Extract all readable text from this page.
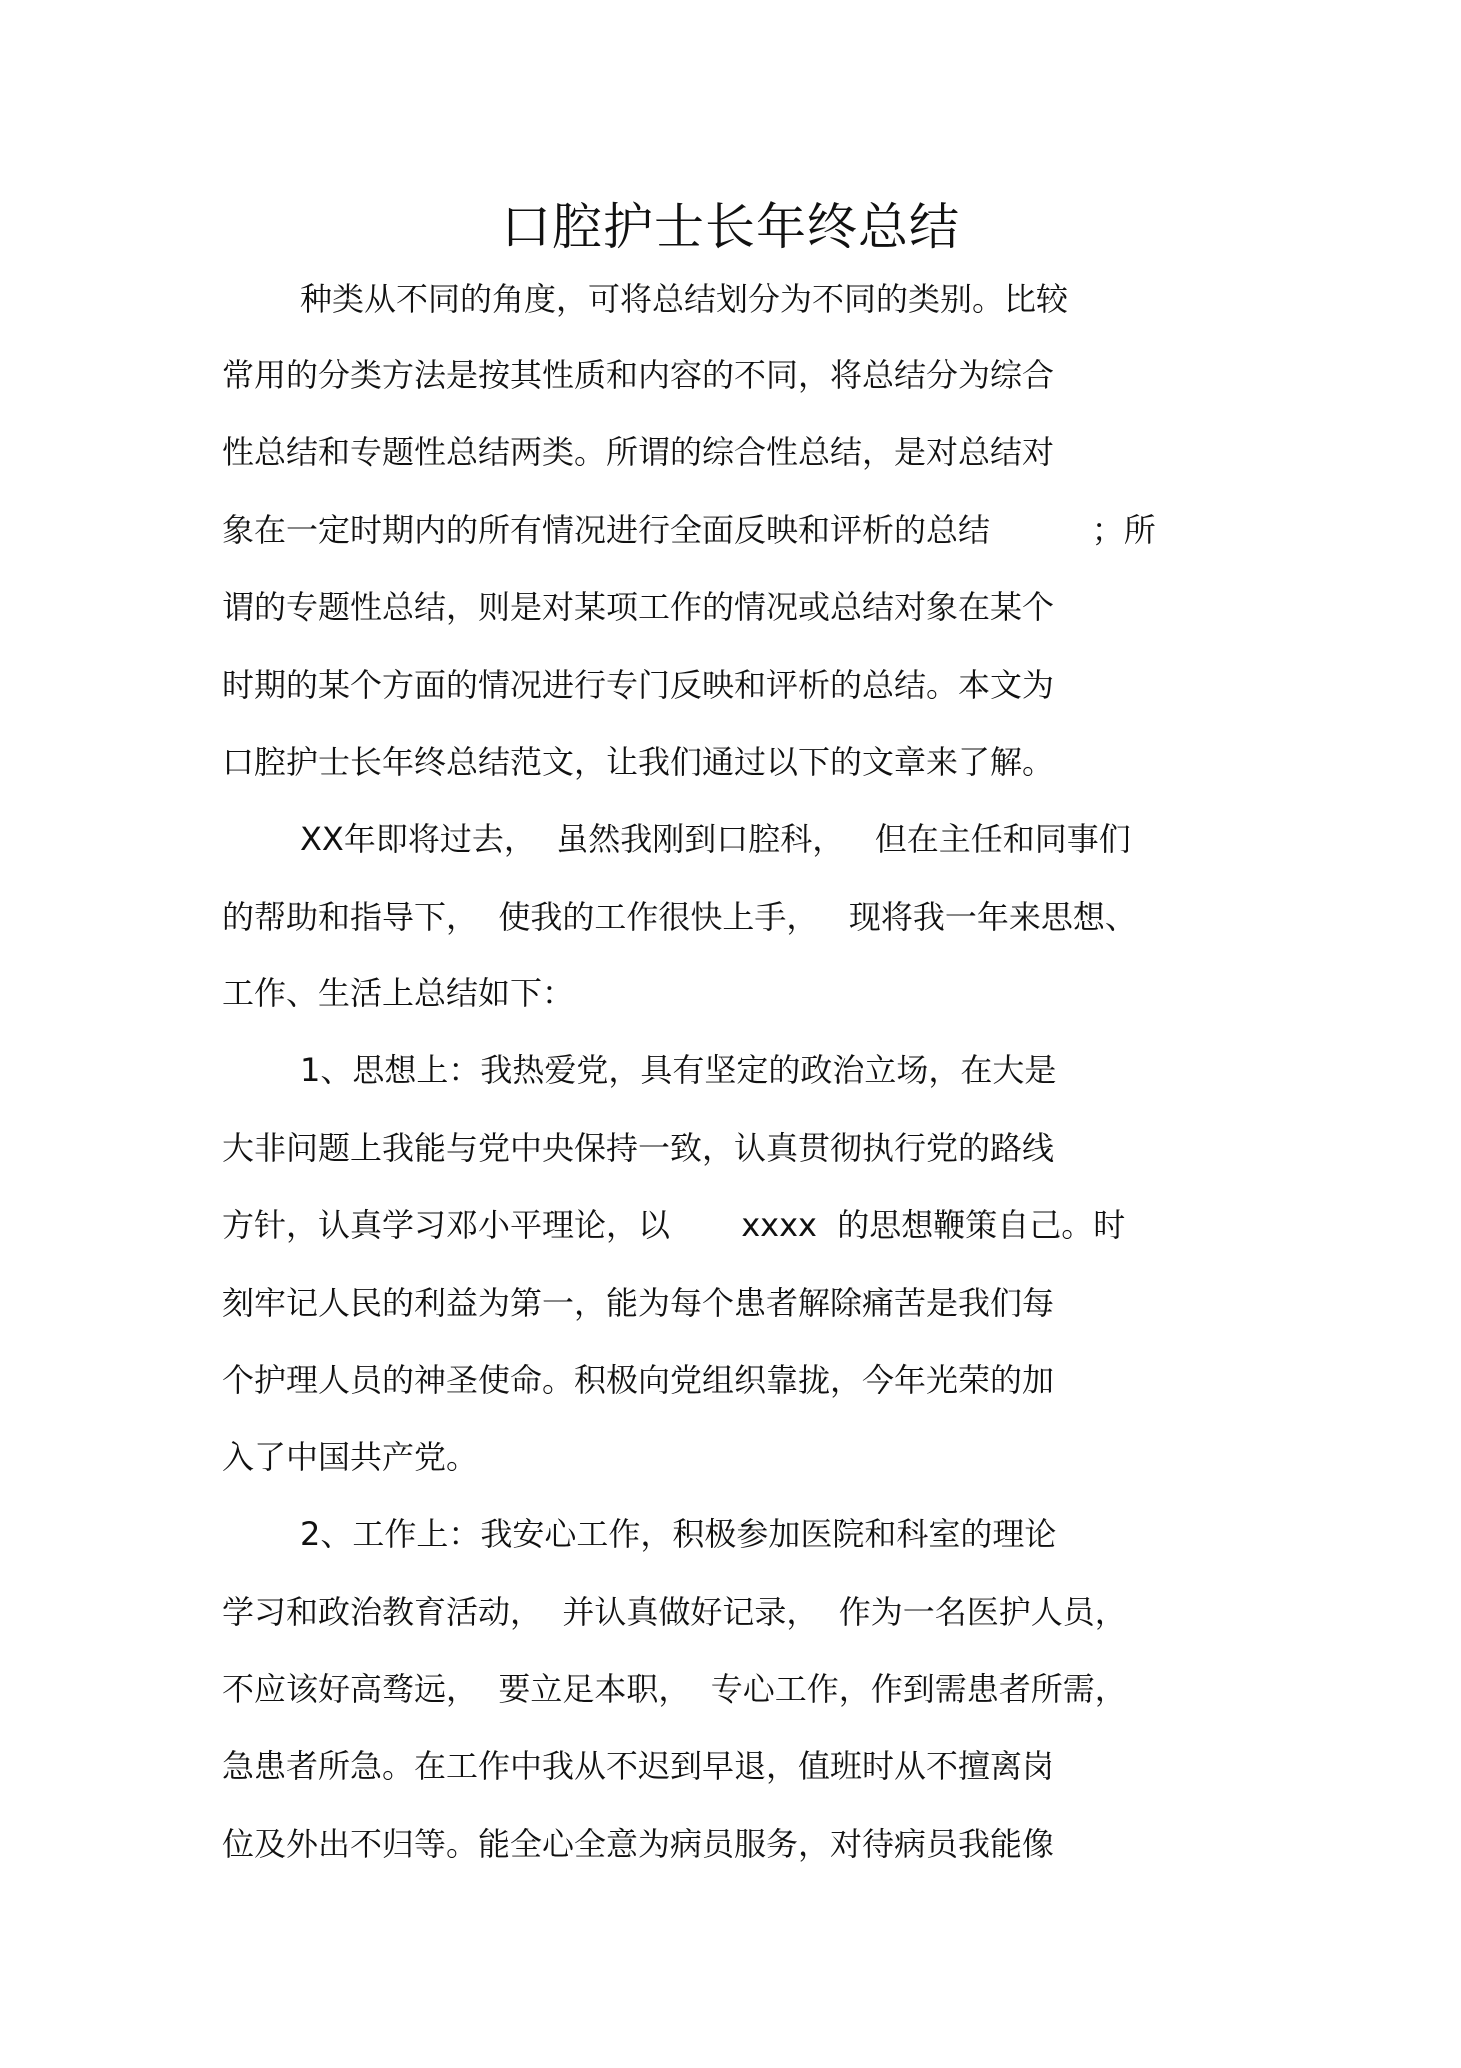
口腔护士长年终总结

种类从不同的角度，可将总结划分为不同的类别。比较

常用的分类方法是按其性质和内容的不同，将总结分为综合

性总结和专题性总结两类。所谓的综合性总结，是对总结对

象在一定时期内的所有情况进行全面反映和评析的总结          ；所

谓的专题性总结，则是对某项工作的情况或总结对象在某个

时期的某个方面的情况进行专门反映和评析的总结。本文为

口腔护士长年终总结范文，让我们通过以下的文章来了解。

XX年即将过去，  虽然我刚到口腔科，   但在主任和同事们

的帮助和指导下，  使我的工作很快上手，   现将我一年来思想、

工作、生活上总结如下：

1、思想上：我热爱党，具有坚定的政治立场，在大是

大非问题上我能与党中央保持一致，认真贯彻执行党的路线

方针，认真学习邓小平理论，以       xxxx  的思想鞭策自己。时

刻牢记人民的利益为第一，能为每个患者解除痛苦是我们每

个护理人员的神圣使命。积极向党组织靠拢，今年光荣的加

入了中国共产党。

2、工作上：我安心工作，积极参加医院和科室的理论

学习和政治教育活动，  并认真做好记录，  作为一名医护人员，

不应该好高骛远，  要立足本职，  专心工作，作到需患者所需，

急患者所急。在工作中我从不迟到早退，值班时从不擅离岗

位及外出不归等。能全心全意为病员服务，对待病员我能像
